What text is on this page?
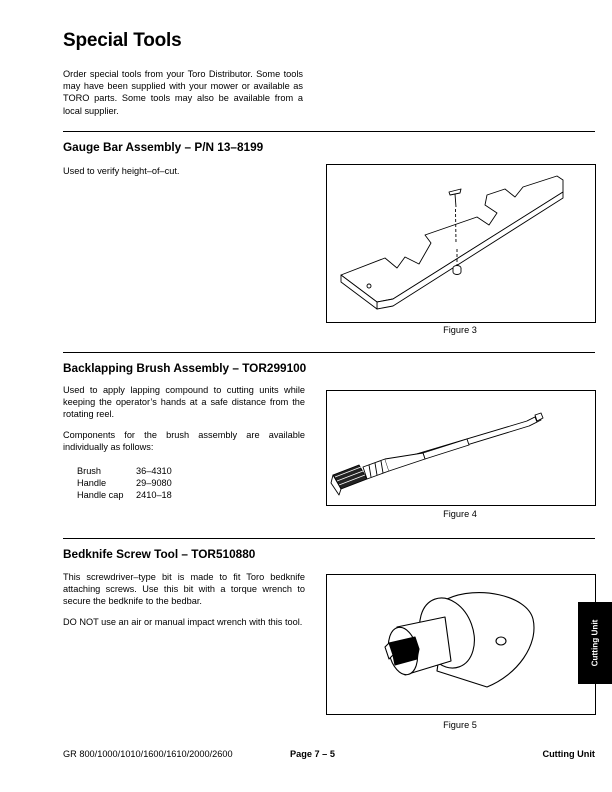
Special Tools
Order special tools from your Toro Distributor. Some tools may have been supplied with your mower or available as TORO parts. Some tools may also be available from a local supplier.
Gauge Bar Assembly – P/N 13–8199

Used to verify height–of–cut.

Figure 3
Backlapping Brush Assembly – TOR299100

Used to apply lapping compound to cutting units while keeping the operator’s hands at a safe distance from the rotating reel.

Components for the brush assembly are available individually as follows:

Brush	36–4310
Handle	29–9080
Handle cap	2410–18
Figure 4
Bedknife Screw Tool – TOR510880

This screwdriver–type bit is made to fit Toro bedknife attaching screws. Use this bit with a torque wrench to secure the bedknife to the bedbar.

DO NOT use an air or manual impact wrench with this tool.

Figure 5
Cutting Unit
GR 800/1000/1010/1600/1610/2000/2600	Page 7 – 5	Cutting Unit
